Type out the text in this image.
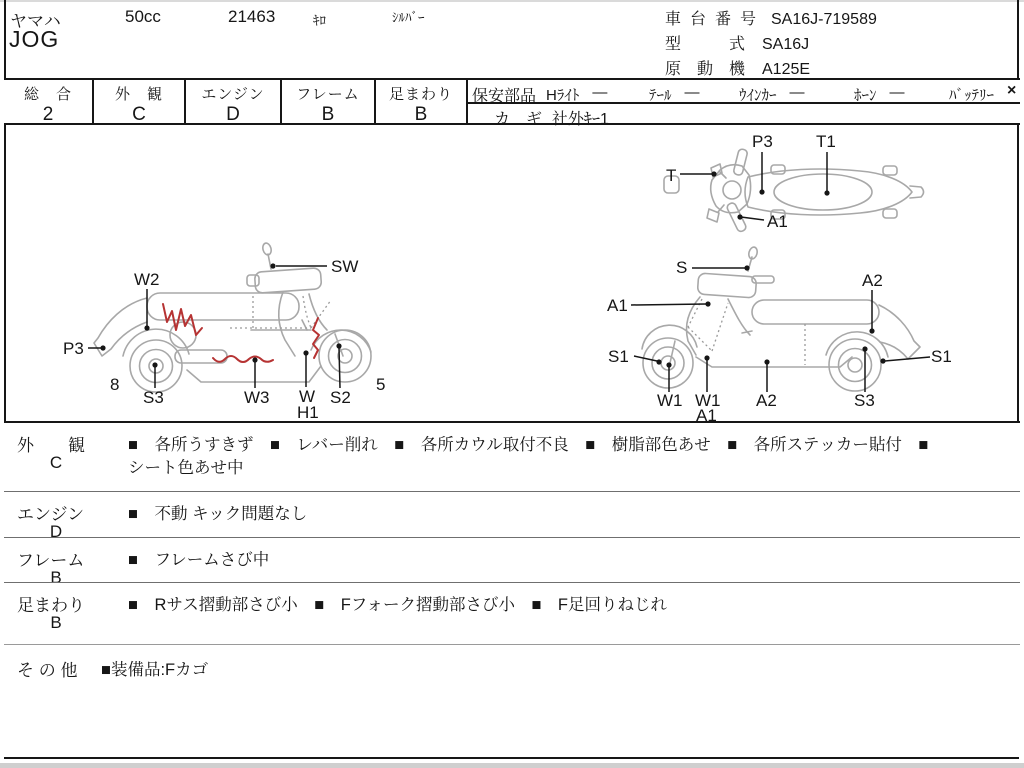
ヤマハ
JOG
50cc	21463	ｷﾛ	ｼﾙﾊﾞｰ	車台番号 SA16J-719589
型　　　式 SA16J
原　動　機 A125E
総　合
2
外　観
C
エンジン
D
フレーム
B
足まわり
B
保安部品 Hﾗｲﾄ —	ﾃｰﾙ —	ｳｲﾝｶｰ —	ﾎｰﾝ —	ﾊﾞｯﾃﾘｰ ×
カ　ギ 社外ｷｰ1
T
P3	T1
A1
SW
W2
P3
8
S3	W3 W
H1
S2
5
S
A1
A2
S1
W1 W1
A1
A2	S3
S1
外　　観
C
■　各所うすきず　■　レバー削れ　■　各所カウル取付不良　■　樹脂部色あせ　■　各所ステッカー貼付　■
シート色あせ中
エンジン
D
■　不動 キック問題なし
フレーム
B
■　フレームさび中
足まわり
B
■　Rサス摺動部さび小　■　Fフォーク摺動部さび小　■　F足回りねじれ
そ の 他 ■装備品:Fカゴ
